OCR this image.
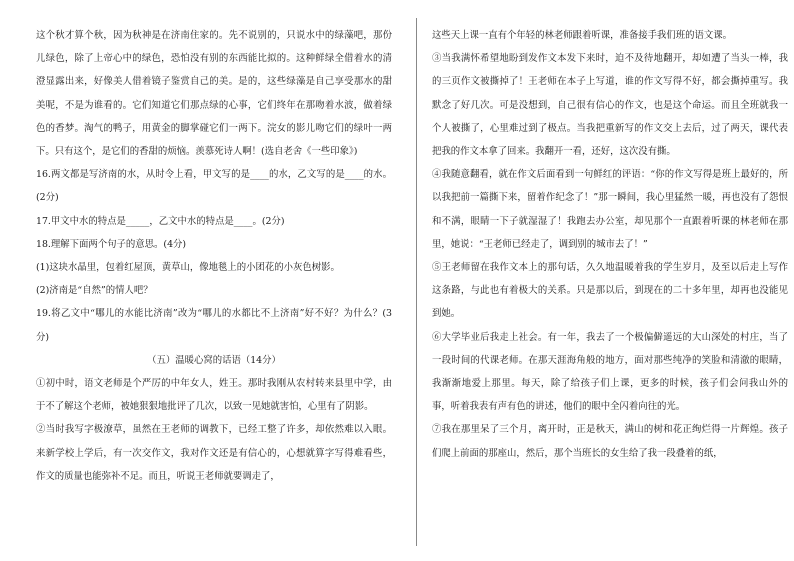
这个秋才算个秋，因为秋神是在济南住家的。先不说别的，只说水中的绿藻吧，那份儿绿色，除了上帝心中的绿色，恐怕没有别的东西能比拟的。这种鲜绿全借着水的清澄显露出来，好像美人借着镜子鉴赏自己的美。是的，这些绿藻是自己享受那水的甜美呢，不是为谁看的。它们知道它们那点绿的心事，它们终年在那吻着水波，做着绿色的香梦。淘气的鸭子，用黄金的脚掌碰它们一两下。浣女的影儿吻它们的绿叶一两下。只有这个，是它们的香甜的烦恼。羡慕死诗人啊！(选自老舍《一些印象》)

16.两文都是写济南的水，从时令上看，甲文写的是____的水，乙文写的是____的水。(2分)

17.甲文中水的特点是_____，乙文中水的特点是____。(2分)

18.理解下面两个句子的意思。(4分)

(1)这块水晶里，包着红屋顶，黄草山，像地毯上的小团花的小灰色树影。

(2)济南是“自然”的情人吧？

19.将乙文中“哪儿的水能比济南”改为“哪儿的水都比不上济南”好不好？为什么？(3分)

（五）温暖心窝的话语（14分）

①初中时，语文老师是个严厉的中年女人，姓王。那时我刚从农村转来县里中学，由于不了解这个老师，被她狠狠地批评了几次，以致一见她就害怕，心里有了阴影。

②当时我写字极潦草，虽然在王老师的调教下，已经工整了许多，却依然难以入眼。来新学校上学后，有一次交作文，我对作文还是有信心的，心想就算字写得难看些，作文的质量也能弥补不足。而且，听说王老师就要调走了，

这些天上课一直有个年轻的林老师跟着听课，准备接手我们班的语文课。

③当我满怀希望地盼到发作文本发下来时，迫不及待地翻开，却如遭了当头一棒，我的三页作文被撕掉了！王老师在本子上写道，谁的作文写得不好，都会撕掉重写。我默念了好几次。可是没想到，自己很有信心的作文，也是这个命运。而且全班就我一个人被撕了，心里难过到了极点。当我把重新写的作文交上去后，过了两天，课代表把我的作文本拿了回来。我翻开一看，还好，这次没有撕。

④我随意翻看，就在作文后面看到一句鲜红的评语：“你的作文写得是班上最好的，所以我把前一篇撕下来，留着作纪念了！”那一瞬间，我心里猛然一暖，再也没有了怨恨和不满，眼睛一下子就湿湿了！我跑去办公室，却见那个一直跟着听课的林老师在那里，她说：“王老师已经走了，调到别的城市去了！”

⑤王老师留在我作文本上的那句话，久久地温暖着我的学生岁月，及至以后走上写作这条路，与此也有着极大的关系。只是那以后，到现在的二十多年里，却再也没能见到她。

⑥大学毕业后我走上社会。有一年，我去了一个极偏僻遥远的大山深处的村庄，当了一段时间的代课老师。在那天涯海角般的地方，面对那些纯净的笑脸和清澈的眼睛，我渐渐地爱上那里。每天，除了给孩子们上课，更多的时候，孩子们会问我山外的事，听着我表有声有色的讲述，他们的眼中全闪着向往的光。

⑦我在那里呆了三个月，离开时，正是秋天，满山的树和花正绚烂得一片辉煌。孩子们爬上前面的那座山，然后，那个当班长的女生给了我一段叠着的纸，
